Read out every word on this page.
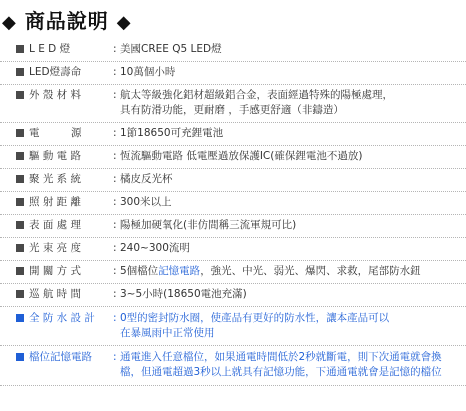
◆ 商品說明 ◆
L E D 燈	: 美國CREE Q5 LED燈
LED燈壽命	: 10萬個小時
外 殼 材 料	: 航太等級強化鋁材超級鋁合金，表面經過特殊的陽極處理，
具有防滑功能，更耐磨 ，手感更舒適（非鑄造）
電　　　源	: 1節18650可充鋰電池
驅 動 電 路	: 恆流驅動電路 低電壓過放保護IC(確保鋰電池不過放)
聚 光 系 統	: 橘皮反光杯
照 射 距 離	: 300米以上
表 面 處 理	: 陽極加硬氧化(非仿間稱三流軍規可比)
光 束 亮 度	: 240~300流明
開 關 方 式	: 5個檔位記憶電路，強光、中光、弱光、爆閃、求救，尾部防水鈕
巡 航 時 間	: 3~5小時(18650電池充滿)
全 防 水 設 計	: 0型的密封防水圈，使產品有更好的防水性，讓本產品可以
在暴風雨中正常使用
檔位記憶電路	: 通電進入任意檔位，如果通電時間低於2秒就斷電，則下次通電就會換
檔，但通電超過3秒以上就具有記憶功能，下通通電就會是記憶的檔位
